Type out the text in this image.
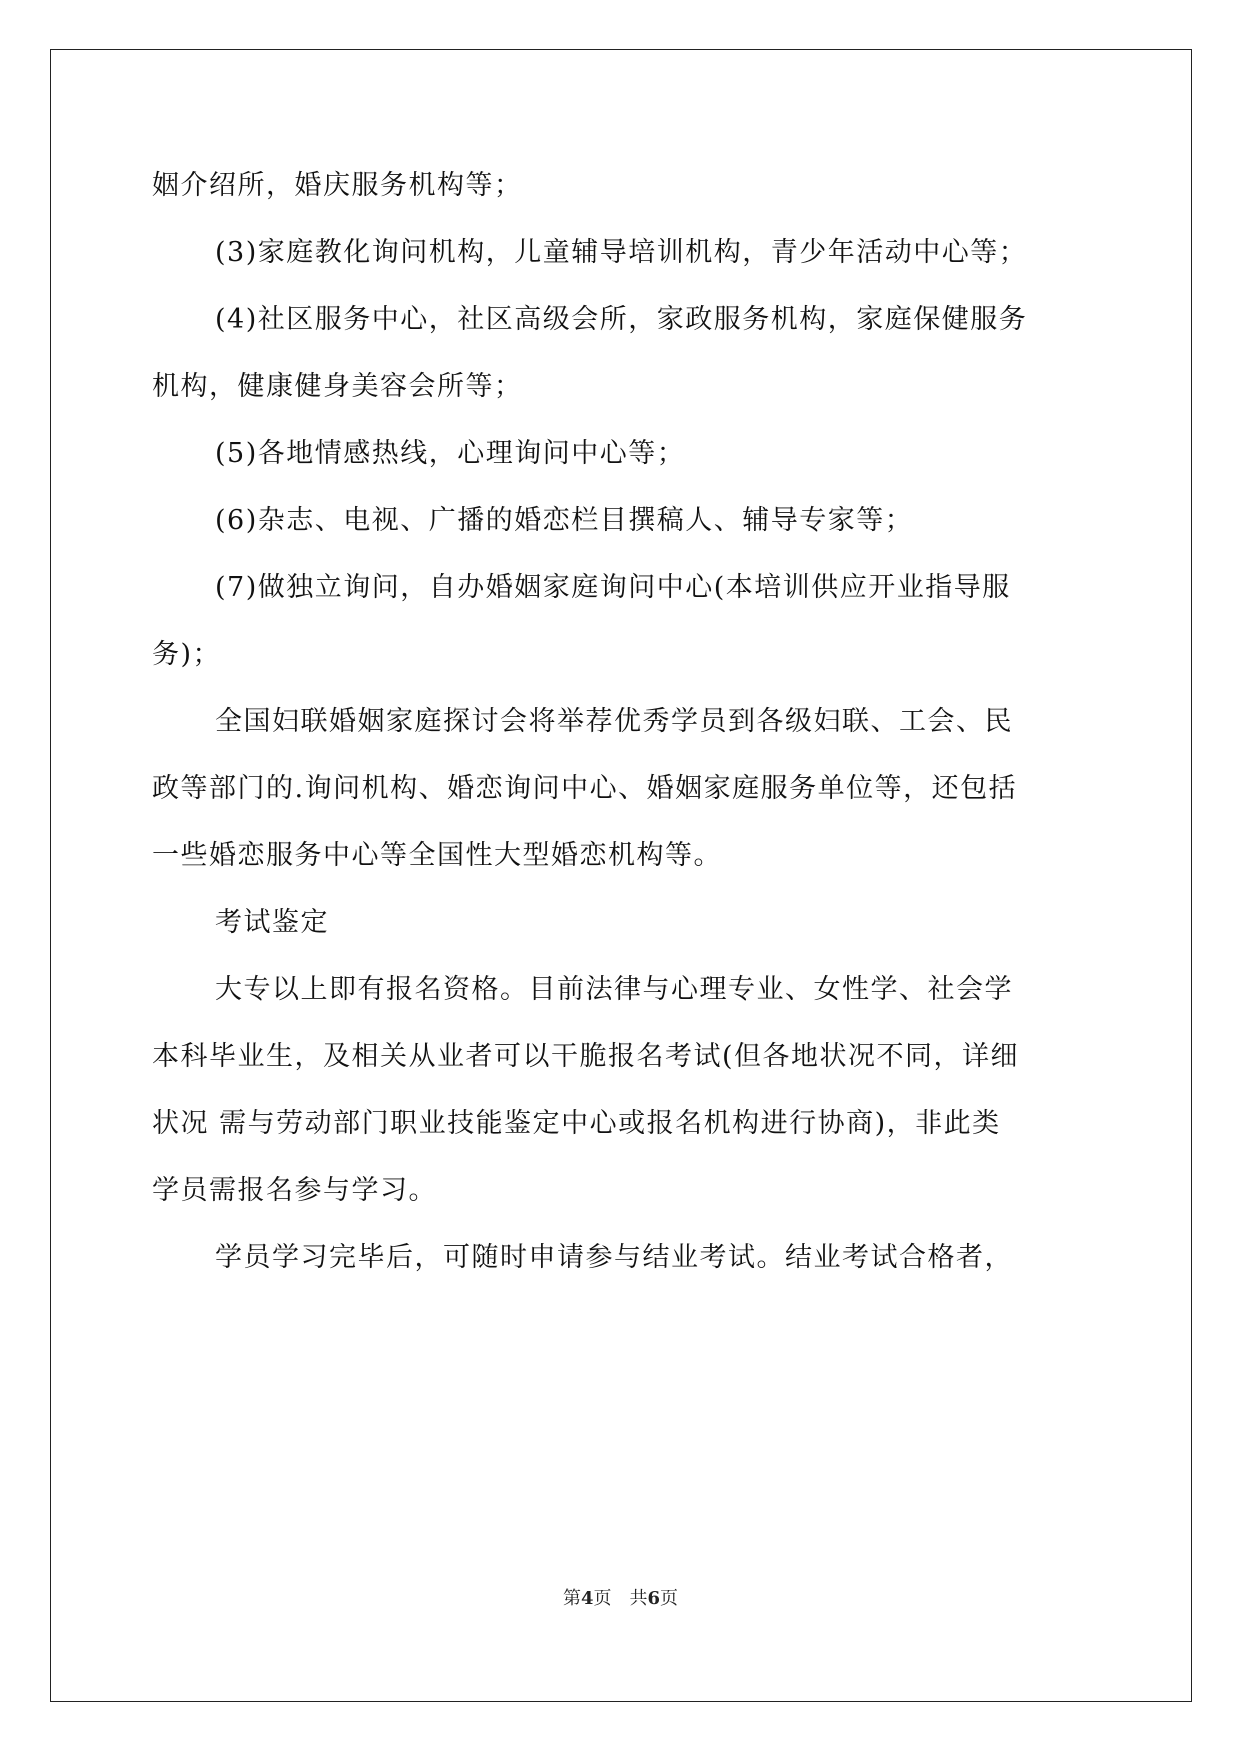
姻介绍所，婚庆服务机构等；
(3)家庭教化询问机构，儿童辅导培训机构，青少年活动中心等；
(4)社区服务中心，社区高级会所，家政服务机构，家庭保健服务
机构，健康健身美容会所等；
(5)各地情感热线，心理询问中心等；
(6)杂志、电视、广播的婚恋栏目撰稿人、辅导专家等；
(7)做独立询问，自办婚姻家庭询问中心(本培训供应开业指导服
务)；
全国妇联婚姻家庭探讨会将举荐优秀学员到各级妇联、工会、民
政等部门的.询问机构、婚恋询问中心、婚姻家庭服务单位等，还包括
一些婚恋服务中心等全国性大型婚恋机构等。
考试鉴定
大专以上即有报名资格。目前法律与心理专业、女性学、社会学
本科毕业生，及相关从业者可以干脆报名考试(但各地状况不同，详细
状况 需与劳动部门职业技能鉴定中心或报名机构进行协商)，非此类
学员需报名参与学习。
学员学习完毕后，可随时申请参与结业考试。结业考试合格者，
第4页 共6页
